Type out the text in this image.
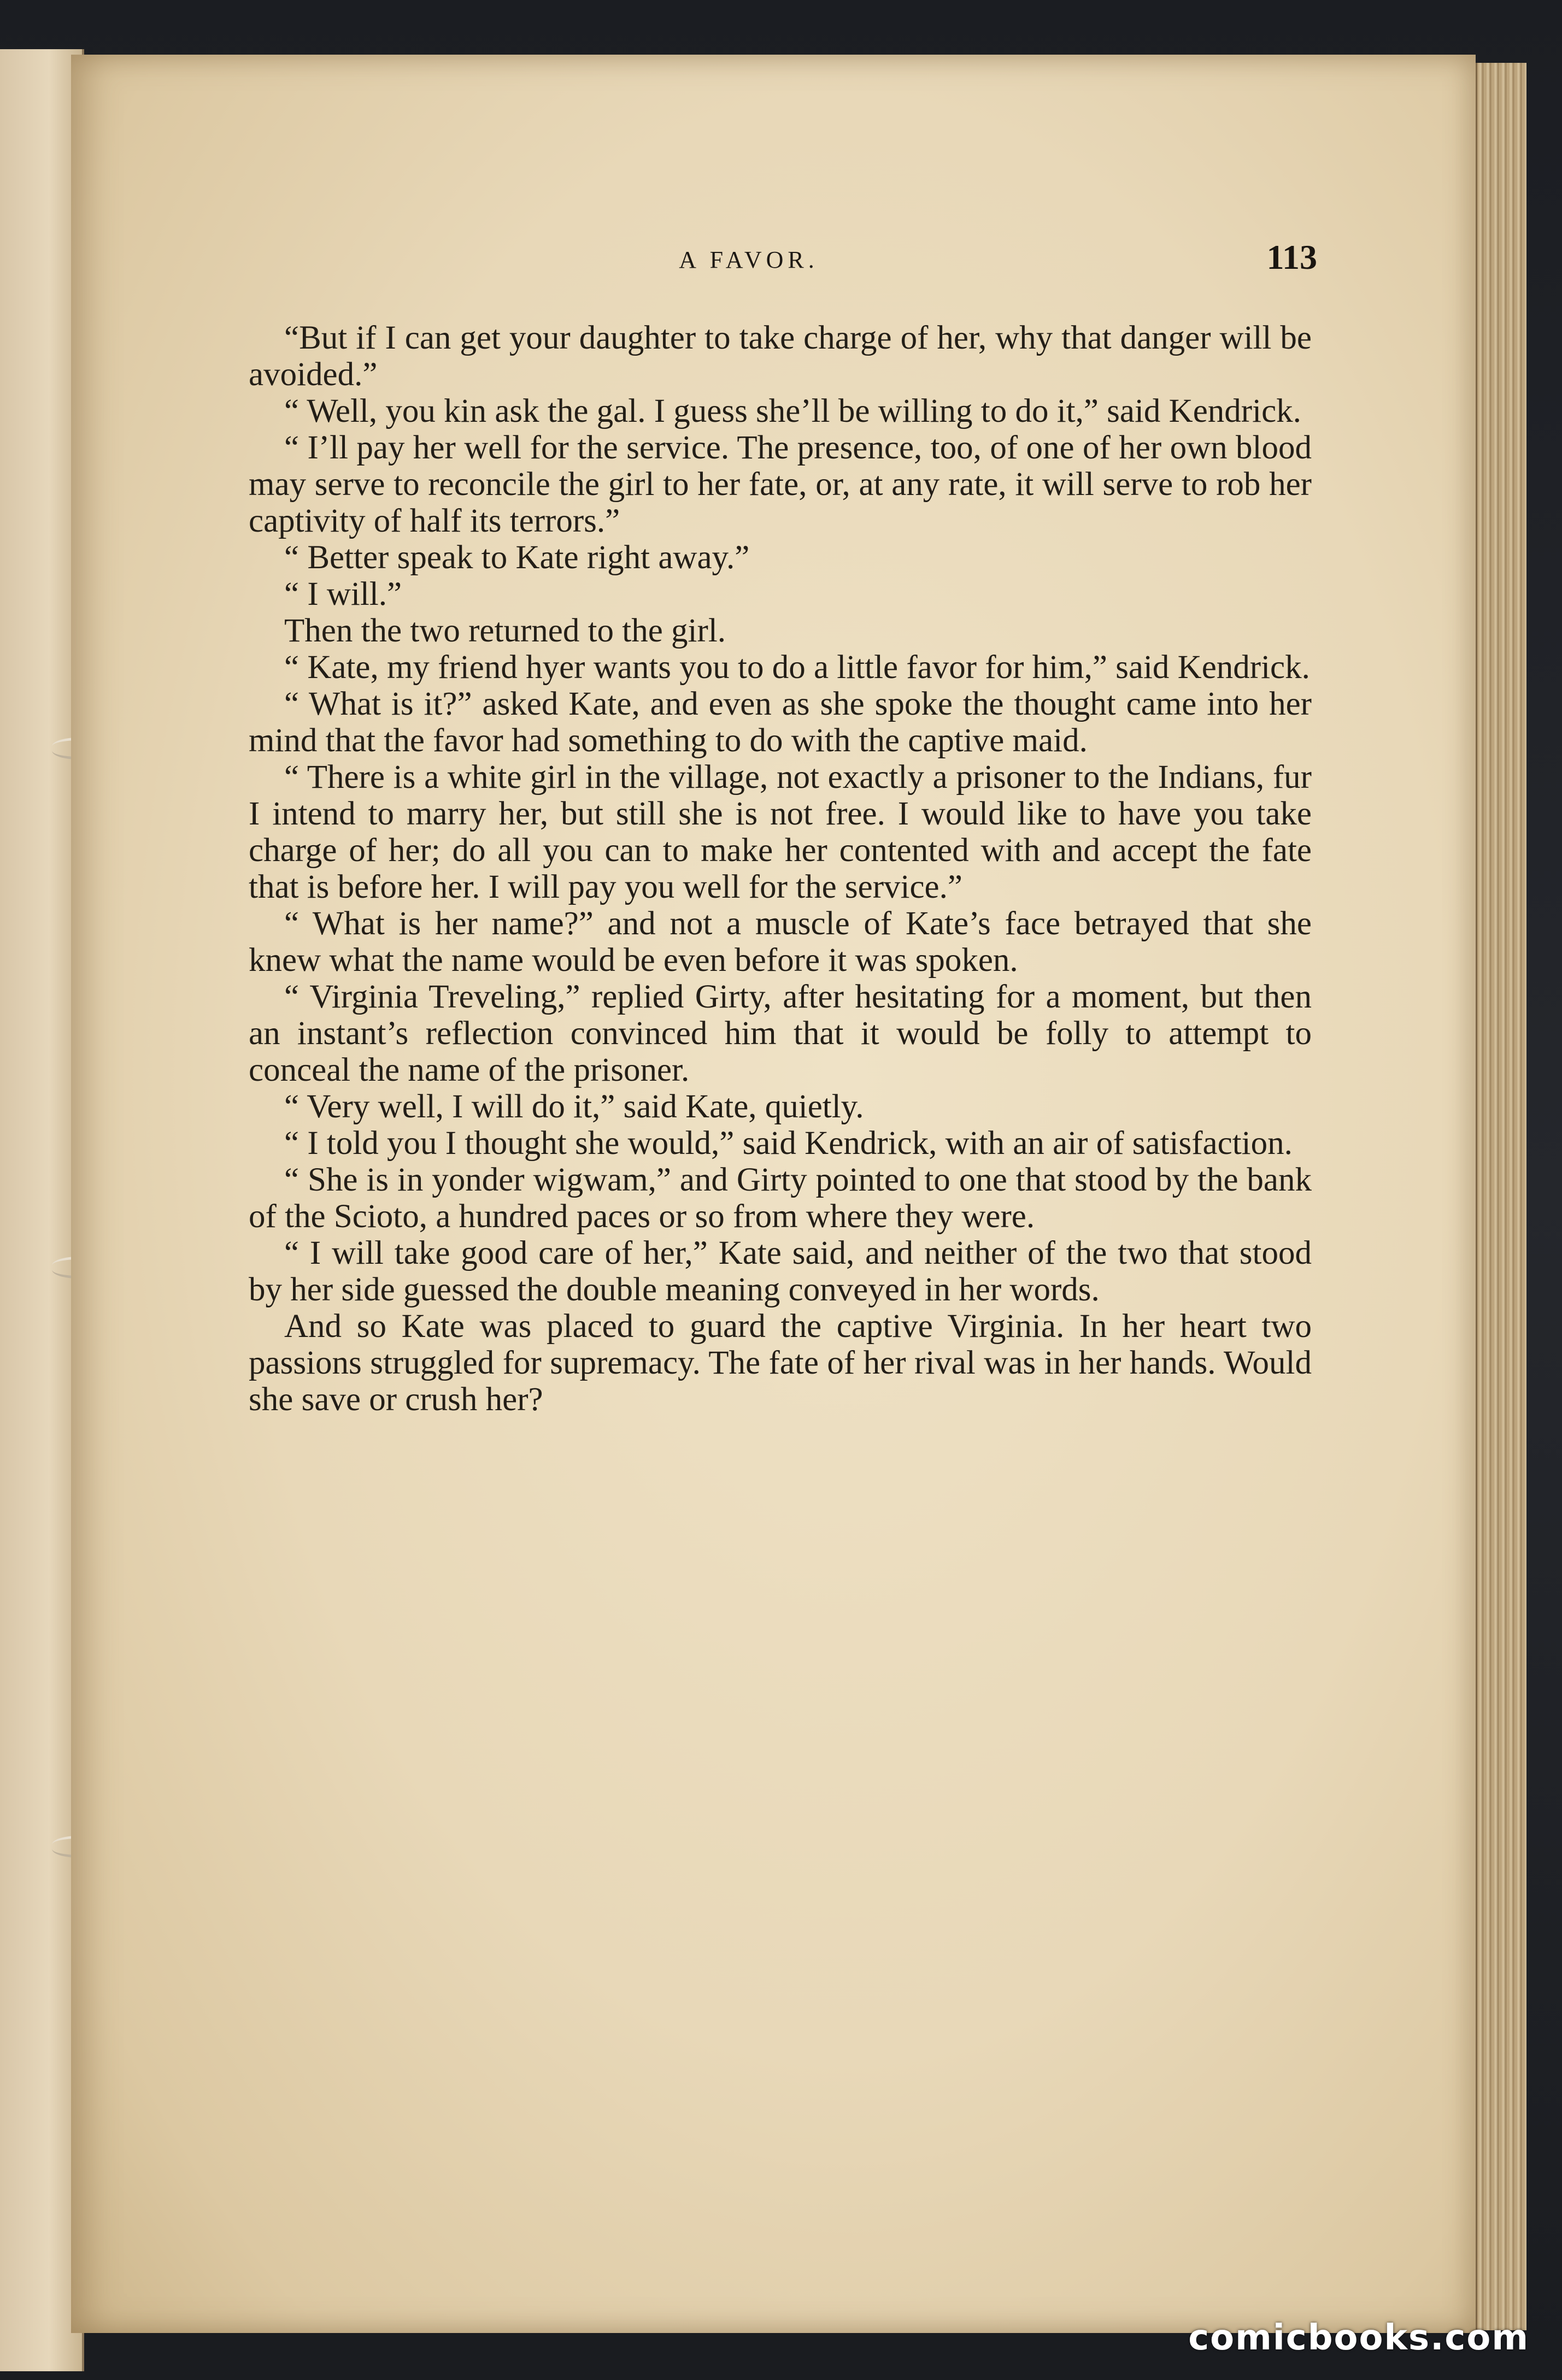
A FAVOR.	113

“But if I can get your daughter to take charge of her, why that danger will be avoided.”

“ Well, you kin ask the gal. I guess she’ll be willing to do it,” said Kendrick.

“ I’ll pay her well for the service. The presence, too, of one of her own blood may serve to reconcile the girl to her fate, or, at any rate, it will serve to rob her captivity of half its terrors.”

“ Better speak to Kate right away.”

“ I will.”

Then the two returned to the girl.

“ Kate, my friend hyer wants you to do a little favor for him,” said Kendrick.

“ What is it?” asked Kate, and even as she spoke the thought came into her mind that the favor had something to do with the captive maid.

“ There is a white girl in the village, not exactly a prisoner to the Indians, fur I intend to marry her, but still she is not free. I would like to have you take charge of her; do all you can to make her contented with and accept the fate that is before her. I will pay you well for the service.”

“ What is her name?” and not a muscle of Kate’s face betrayed that she knew what the name would be even before it was spoken.

“ Virginia Treveling,” replied Girty, after hesitating for a moment, but then an instant’s reflection convinced him that it would be folly to attempt to conceal the name of the prisoner.

“ Very well, I will do it,” said Kate, quietly.

“ I told you I thought she would,” said Kendrick, with an air of satisfaction.

“ She is in yonder wigwam,” and Girty pointed to one that stood by the bank of the Scioto, a hundred paces or so from where they were.

“ I will take good care of her,” Kate said, and neither of the two that stood by her side guessed the double meaning conveyed in her words.

And so Kate was placed to guard the captive Virginia. In her heart two passions struggled for supremacy. The fate of her rival was in her hands. Would she save or crush her?

comicbooks.com
